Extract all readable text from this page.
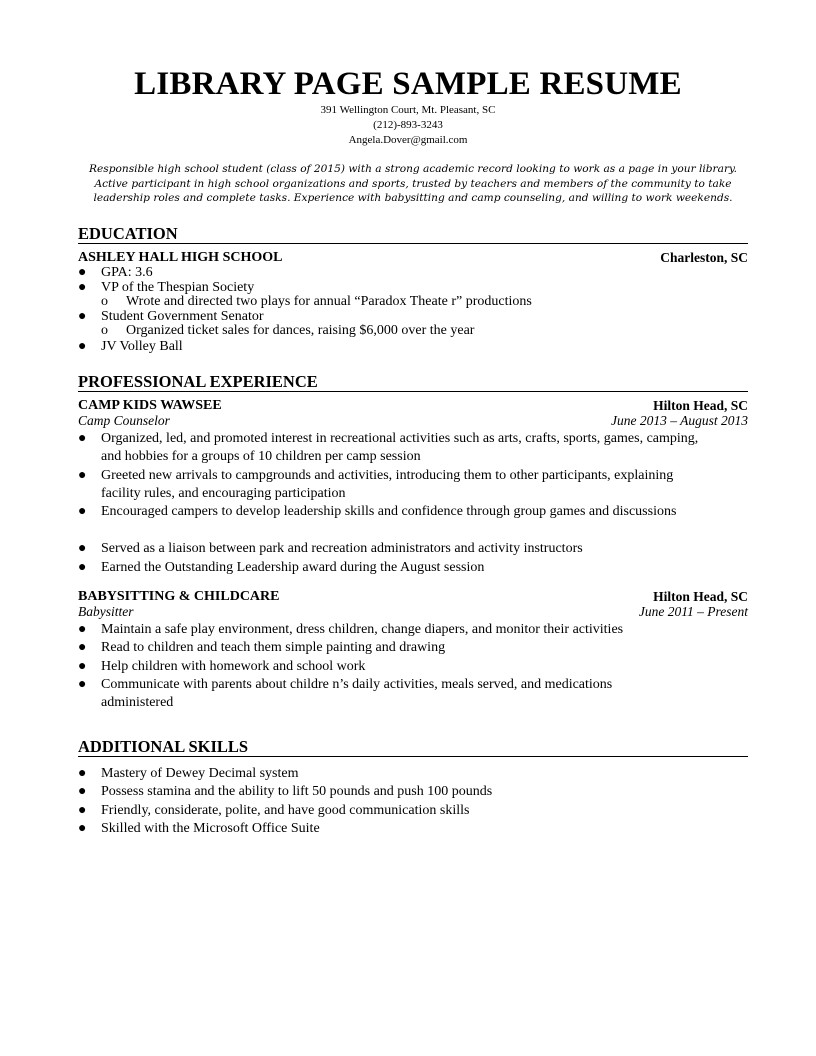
LIBRARY PAGE SAMPLE RESUME
391 Wellington Court, Mt. Pleasant, SC
(212)-893-3243
Angela.Dover@gmail.com
Responsible high school student (class of 2015) with a strong academic record looking to work as a page in your library. Active participant in high school organizations and sports, trusted by teachers and members of the community to take leadership roles and complete tasks. Experience with babysitting and camp counseling, and willing to work weekends.
EDUCATION
ASHLEY HALL HIGH SCHOOL	Charleston, SC
● GPA: 3.6
● VP of the Thespian Society
o Wrote and directed two plays for annual “Paradox Theate r” productions
● Student Government Senator
o Organized ticket sales for dances, raising $6,000 over the year
● JV Volley Ball
PROFESSIONAL EXPERIENCE
CAMP KIDS WAWSEE	Hilton Head, SC
Camp Counselor	June 2013 – August 2013
● Organized, led, and promoted interest in recreational activities such as arts, crafts, sports, games, camping, and hobbies for a groups of 10 children per camp session
● Greeted new arrivals to campgrounds and activities, introducing them to other participants, explaining facility rules, and encouraging participation
● Encouraged campers to develop leadership skills and confidence through group games and discussions
● Served as a liaison between park and recreation administrators and activity instructors
● Earned the Outstanding Leadership award during the August session
BABYSITTING & CHILDCARE	Hilton Head, SC
Babysitter	June 2011 – Present
● Maintain a safe play environment, dress children, change diapers, and monitor their activities
● Read to children and teach them simple painting and drawing
● Help children with homework and school work
● Communicate with parents about childre n’s daily activities, meals served, and medications administered
ADDITIONAL SKILLS
● Mastery of Dewey Decimal system
● Possess stamina and the ability to lift 50 pounds and push 100 pounds
● Friendly, considerate, polite, and have good communication skills
● Skilled with the Microsoft Office Suite
